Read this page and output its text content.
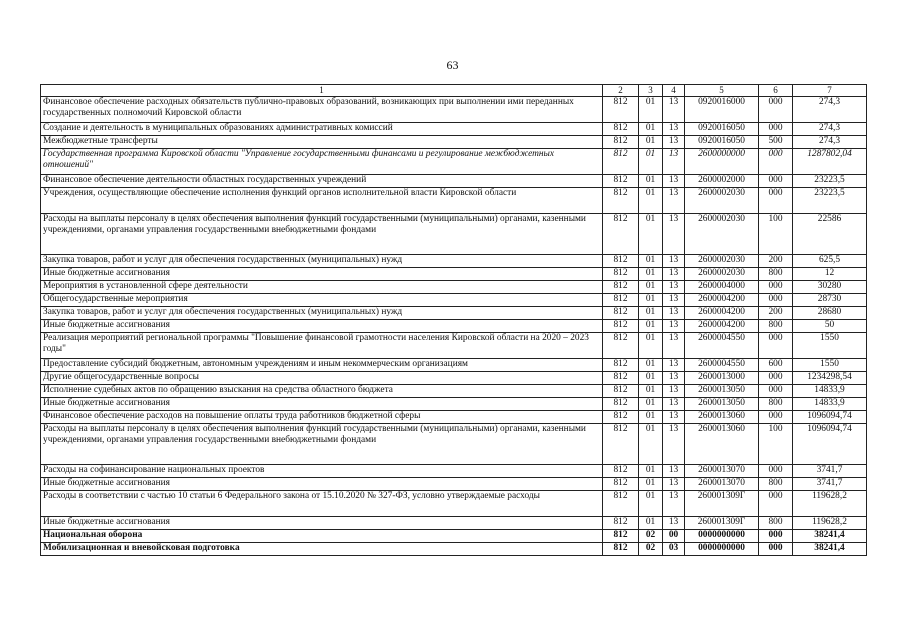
63
1	2	3	4	5	6	7
Финансовое обеспечение расходных обязательств публично-правовых образований, возникающих при выполнении ими переданных государственных полномочий Кировской области	812	01	13	0920016000	000	274,3
Создание и деятельность в муниципальных образованиях административных комиссий	812	01	13	0920016050	000	274,3
Межбюджетные трансферты	812	01	13	0920016050	500	274,3
Государственная программа Кировской области "Управление государственными финансами и регулирование межбюджетных отношений"	812	01	13	2600000000	000	1287802,04
Финансовое обеспечение деятельности областных государственных учреждений	812	01	13	2600002000	000	23223,5
Учреждения, осуществляющие обеспечение исполнения функций органов исполнительной власти Кировской области	812	01	13	2600002030	000	23223,5
Расходы на выплаты персоналу в целях обеспечения выполнения функций государственными (муниципальными) органами, казенными учреждениями, органами управления государственными внебюджетными фондами	812	01	13	2600002030	100	22586
Закупка товаров, работ и услуг для обеспечения государственных (муниципальных) нужд	812	01	13	2600002030	200	625,5
Иные бюджетные ассигнования	812	01	13	2600002030	800	12
Мероприятия в установленной сфере деятельности	812	01	13	2600004000	000	30280
Общегосударственные мероприятия	812	01	13	2600004200	000	28730
Закупка товаров, работ и услуг для обеспечения государственных (муниципальных) нужд	812	01	13	2600004200	200	28680
Иные бюджетные ассигнования	812	01	13	2600004200	800	50
Реализация мероприятий региональной программы "Повышение финансовой грамотности населения Кировской области на 2020 – 2023 годы"	812	01	13	2600004550	000	1550
Предоставление субсидий бюджетным, автономным учреждениям и иным некоммерческим организациям	812	01	13	2600004550	600	1550
Другие общегосударственные вопросы	812	01	13	2600013000	000	1234298,54
Исполнение судебных актов по обращению взыскания на средства областного бюджета	812	01	13	2600013050	000	14833,9
Иные бюджетные ассигнования	812	01	13	2600013050	800	14833,9
Финансовое обеспечение расходов на повышение оплаты труда работников бюджетной сферы	812	01	13	2600013060	000	1096094,74
Расходы на выплаты персоналу в целях обеспечения выполнения функций государственными (муниципальными) органами, казенными учреждениями, органами управления государственными внебюджетными фондами	812	01	13	2600013060	100	1096094,74
Расходы на софинансирование национальных проектов	812	01	13	2600013070	000	3741,7
Иные бюджетные ассигнования	812	01	13	2600013070	800	3741,7
Расходы в соответствии с частью 10 статьи 6 Федерального закона от 15.10.2020 № 327-ФЗ, условно утверждаемые расходы	812	01	13	260001309Г	000	119628,2
Иные бюджетные ассигнования	812	01	13	260001309Г	800	119628,2
Национальная оборона	812	02	00	0000000000	000	38241,4
Мобилизационная и вневойсковая подготовка	812	02	03	0000000000	000	38241,4
